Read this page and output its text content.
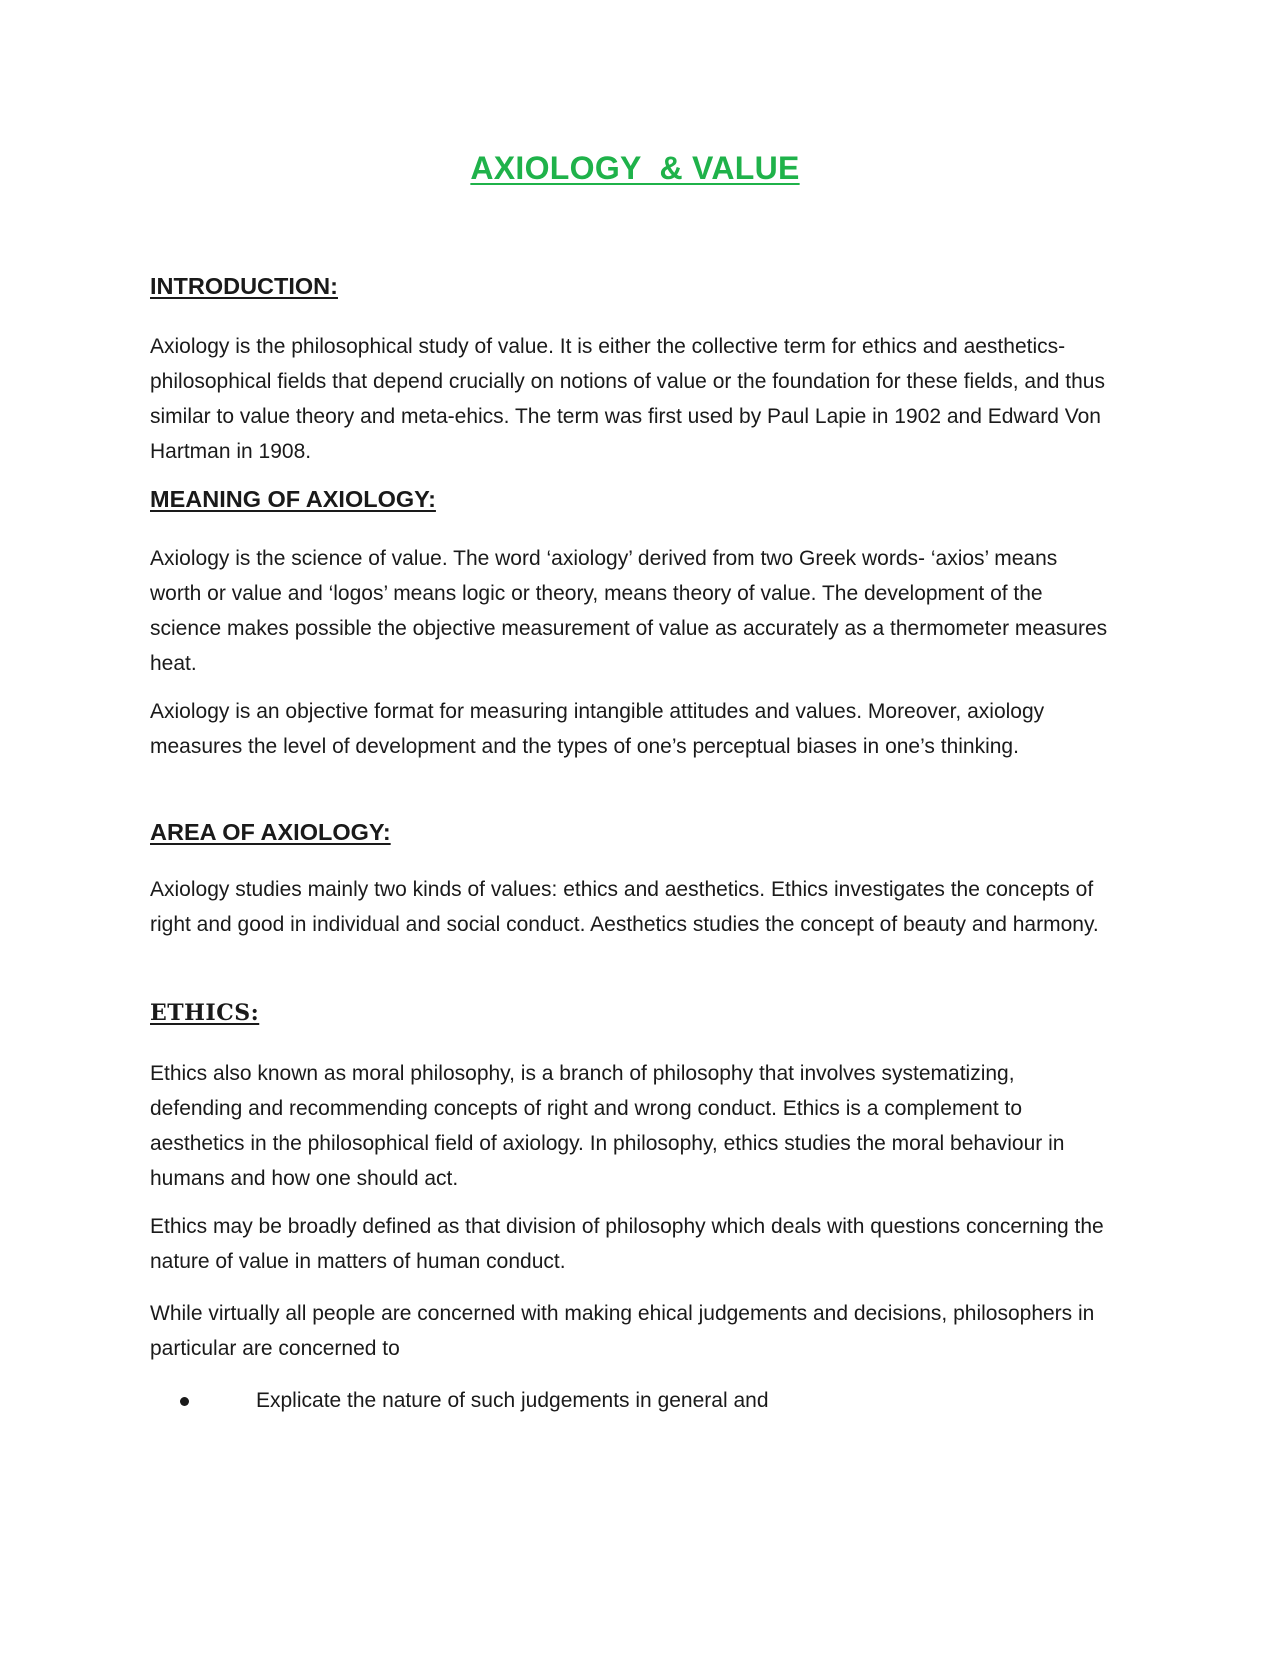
AXIOLOGY  & VALUE
INTRODUCTION:

Axiology is the philosophical study of value. It is either the collective term for ethics and aesthetics- philosophical fields that depend crucially on notions of value or the foundation for these fields, and thus similar to value theory and meta-ehics. The term was first used by Paul Lapie in 1902 and Edward Von Hartman in 1908.

MEANING OF AXIOLOGY:

Axiology is the science of value. The word ‘axiology’ derived from two Greek words- ‘axios’ means worth or value and ‘logos’ means logic or theory, means theory of value. The development of the science makes possible the objective measurement of value as accurately as a thermometer measures heat.

Axiology is an objective format for measuring intangible attitudes and values. Moreover, axiology measures the level of development and the types of one’s perceptual biases in one’s thinking.

AREA OF AXIOLOGY:

Axiology studies mainly two kinds of values: ethics and aesthetics. Ethics investigates the concepts of right and good in individual and social conduct. Aesthetics studies the concept of beauty and harmony.

ETHICS:

Ethics also known as moral philosophy, is a branch of philosophy that involves systematizing, defending and recommending concepts of right and wrong conduct. Ethics is a complement to aesthetics in the philosophical field of axiology. In philosophy, ethics studies the moral behaviour in humans and how one should act.

Ethics may be broadly defined as that division of philosophy which deals with questions concerning the nature of value in matters of human conduct.

While virtually all people are concerned with making ehical judgements and decisions, philosophers in particular are concerned to

Explicate the nature of such judgements in general and
